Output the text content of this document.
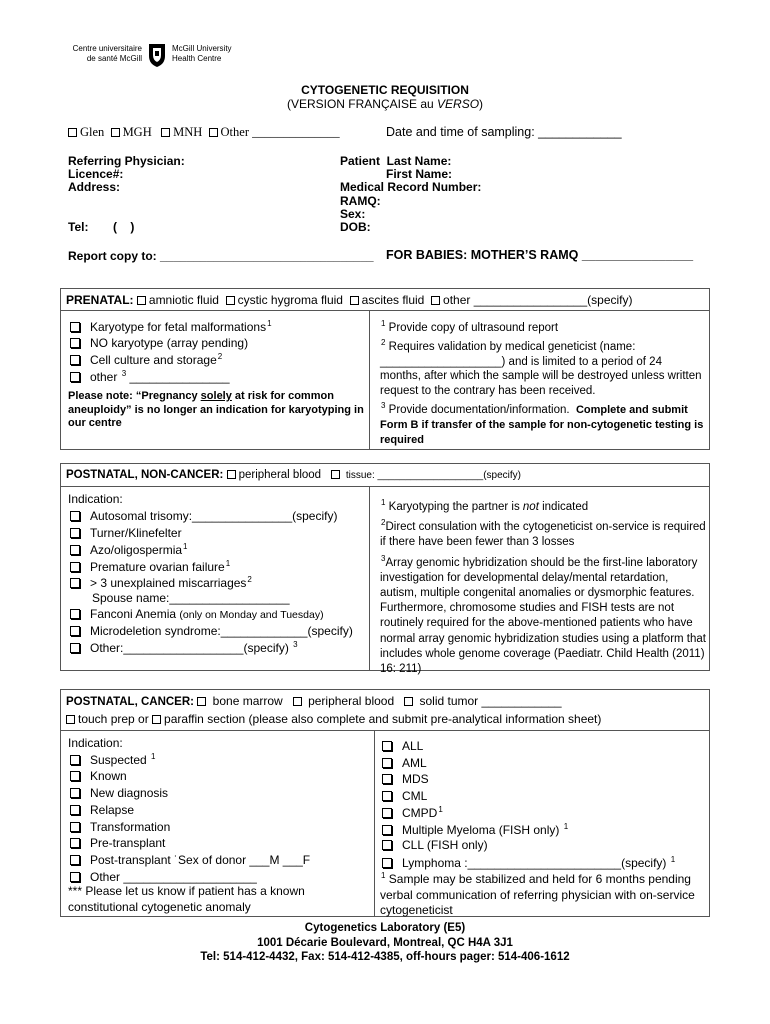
Centre universitaire
de santé McGill
McGill University
Health Centre
CYTOGENETIC REQUISITION
(VERSION FRANÇAISE au VERSO)
Glen MGH MNH Other ______________	Date and time of sampling: ____________
Referring Physician:
Licence#:
Address:
Tel: (    )
Report copy to: ________________________________
Patient  Last Name:
First Name:
Medical Record Number:
RAMQ:
Sex:
DOB:
FOR BABIES: MOTHER’S RAMQ ________________
PRENATAL: amniotic fluid cystic hygroma fluid ascites fluid other _________________(specify)
Karyotype for fetal malformations$^1$
NO karyotype (array pending)
Cell culture and storage$^2$
other $^3$ _______________
Please note: “Pregnancy solely at risk for common aneuploidy” is no longer an indication for karyotyping in our centre
$^1$ Provide copy of ultrasound report
$^2$ Requires validation by medical geneticist (name: ___________________) and is limited to a period of 24 months, after which the sample will be destroyed unless written request to the contrary has been received.
$^3$ Provide documentation/information. Complete and submit Form B if transfer of the sample for non-cytogenetic testing is required
POSTNATAL, NON-CANCER: peripheral blood tissue: ___________________(specify)
Indication:
Autosomal trisomy:_______________(specify)
Turner/Klinefelter
Azo/oligospermia$^1$
Premature ovarian failure$^1$
> 3 unexplained miscarriages$^2$
Spouse name:__________________
Fanconi Anemia (only on Monday and Tuesday)
Microdeletion syndrome:_____________(specify)
Other:__________________(specify) $^3$
$^1$ Karyotyping the partner is not indicated
$^2$Direct consulation with the cytogeneticist on-service is required if there have been fewer than 3 losses
$^3$Array genomic hybridization should be the first-line laboratory investigation for developmental delay/mental retardation, autism, multiple congenital anomalies or dysmorphic features. Furthermore, chromosome studies and FISH tests are not routinely required for the above-mentioned patients who have normal array genomic hybridization studies using a platform that includes whole genome coverage (Paediatr. Child Health (2011) 16: 211)
POSTNATAL, CANCER: bone marrow peripheral blood solid tumor ____________
touch prep or paraffin section (please also complete and submit pre-analytical information sheet)
Indication:
Suspected $^1$
Known
New diagnosis
Relapse
Transformation
Pre-transplant
Post-transplant ˙Sex of donor ___M ___F
Other ____________________
*** Please let us know if patient has a known constitutional cytogenetic anomaly
ALL
AML
MDS
CML
CMPD$^1$
Multiple Myeloma (FISH only) $^1$
CLL (FISH only)
Lymphoma :_______________________(specify) $^1$
$^1$ Sample may be stabilized and held for 6 months pending verbal communication of referring physician with on-service cytogeneticist
Cytogenetics Laboratory (E5)
1001 Décarie Boulevard, Montreal, QC H4A 3J1
Tel: 514-412-4432, Fax: 514-412-4385, off-hours pager: 514-406-1612
